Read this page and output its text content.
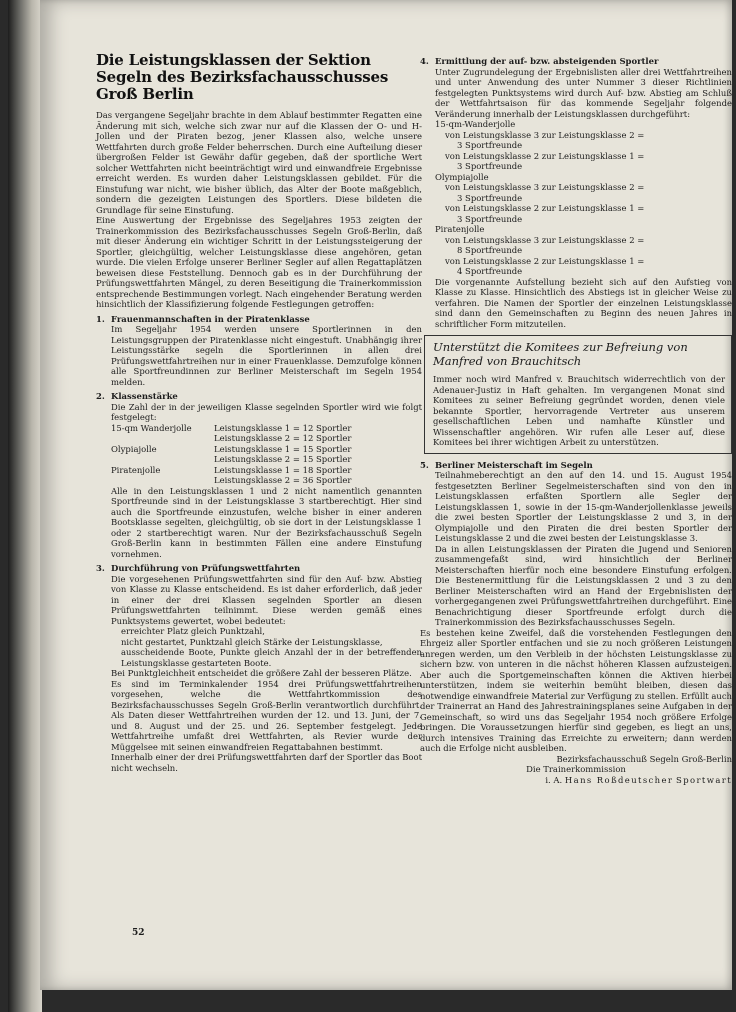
Die Leistungsklassen der Sektion Segeln des Bezirksfachausschusses Groß Berlin

Das vergangene Segeljahr brachte in dem Ablauf bestimmter Regatten eine Änderung mit sich, welche sich zwar nur auf die Klassen der O- und H-Jollen und der Piraten bezog, jener Klassen also, welche unsere Wettfahrten durch große Felder beherrschen. Durch eine Aufteilung dieser übergroßen Felder ist Gewähr dafür gegeben, daß der sportliche Wert solcher Wettfahrten nicht beeinträchtigt wird und einwandfreie Ergebnisse erreicht werden. Es wurden daher Leistungsklassen gebildet. Für die Einstufung war nicht, wie bisher üblich, das Alter der Boote maßgeblich, sondern die gezeigten Leistungen des Sportlers. Diese bildeten die Grundlage für seine Einstufung.

Eine Auswertung der Ergebnisse des Segeljahres 1953 zeigten der Trainerkommission des Bezirksfachausschusses Segeln Groß-Berlin, daß mit dieser Änderung ein wichtiger Schritt in der Leistungssteigerung der Sportler, gleichgültig, welcher Leistungsklasse diese angehören, getan wurde. Die vielen Erfolge unserer Berliner Segler auf allen Regattaplätzen beweisen diese Feststellung. Dennoch gab es in der Durchführung der Prüfungswettfahrten Mängel, zu deren Beseitigung die Trainerkommission entsprechende Bestimmungen vorlegt. Nach eingehender Beratung werden hinsichtlich der Klassifizierung folgende Festlegungen getroffen:

1. Frauenmannschaften in der Piratenklasse

Im Segeljahr 1954 werden unsere Sportlerinnen in den Leistungsgruppen der Piratenklasse nicht eingestuft. Unabhängig ihrer Leistungsstärke segeln die Sportlerinnen in allen drei Prüfungswettfahrtreihen nur in einer Frauenklasse. Demzufolge können alle Sportfreundinnen zur Berliner Meisterschaft im Segeln 1954 melden.

2. Klassenstärke

Die Zahl der in der jeweiligen Klasse segelnden Sportler wird wie folgt festgelegt:

15-qm Wanderjolle	Leistungsklasse 1 = 12 Sportler
Leistungsklasse 2 = 12 Sportler
Olypiajolle	Leistungsklasse 1 = 15 Sportler
Leistungsklasse 2 = 15 Sportler
Piratenjolle	Leistungsklasse 1 = 18 Sportler
Leistungsklasse 2 = 36 Sportler

Alle in den Leistungsklassen 1 und 2 nicht namentlich genannten Sportfreunde sind in der Leistungsklasse 3 startberechtigt. Hier sind auch die Sportfreunde einzustufen, welche bisher in einer anderen Bootsklasse segelten, gleichgültig, ob sie dort in der Leistungsklasse 1 oder 2 startberechtigt waren. Nur der Bezirksfachausschuß Segeln Groß-Berlin kann in bestimmten Fällen eine andere Einstufung vornehmen.

3. Durchführung von Prüfungswettfahrten

Die vorgesehenen Prüfungswettfahrten sind für den Auf- bzw. Abstieg von Klasse zu Klasse entscheidend. Es ist daher erforderlich, daß jeder in einer der drei Klassen segelnden Sportler an diesen Prüfungswettfahrten teilnimmt. Diese werden gemäß eines Punktsystems gewertet, wobei bedeutet:

erreichter Platz gleich Punktzahl,

nicht gestartet, Punktzahl gleich Stärke der Leistungsklasse,

ausscheidende Boote, Punkte gleich Anzahl der in der betreffenden Leistungsklasse gestarteten Boote.

Bei Punktgleichheit entscheidet die größere Zahl der besseren Plätze.

Es sind im Terminkalender 1954 drei Prüfungswettfahrtreihen vorgesehen, welche die Wettfahrtkommission des Bezirksfachausschusses Segeln Groß-Berlin verantwortlich durchführt. Als Daten dieser Wettfahrtreihen wurden der 12. und 13. Juni, der 7. und 8. August und der 25. und 26. September festgelegt. Jede Wettfahrtreihe umfaßt drei Wettfahrten, als Revier wurde der Müggelsee mit seinen einwandfreien Regattabahnen bestimmt.

Innerhalb einer der drei Prüfungswettfahrten darf der Sportler das Boot nicht wechseln.

52
4. Ermittlung der auf- bzw. absteigenden Sportler

Unter Zugrundelegung der Ergebnislisten aller drei Wettfahrtreihen und unter Anwendung des unter Nummer 3 dieser Richtlinien festgelegten Punktsystems wird durch Auf- bzw. Abstieg am Schluß der Wettfahrtsaison für das kommende Segeljahr folgende Veränderung innerhalb der Leistungsklassen durchgeführt:

15-qm-Wanderjolle
von Leistungsklasse 3 zur Leistungsklasse 2 =
3 Sportfreunde
von Leistungsklasse 2 zur Leistungsklasse 1 =
3 Sportfreunde
Olympiajolle
von Leistungsklasse 3 zur Leistungsklasse 2 =
3 Sportfreunde
von Leistungsklasse 2 zur Leistungsklasse 1 =
3 Sportfreunde
Piratenjolle
von Leistungsklasse 3 zur Leistungsklasse 2 =
8 Sportfreunde
von Leistungsklasse 2 zur Leistungsklasse 1 =
4 Sportfreunde

Die vorgenannte Aufstellung bezieht sich auf den Aufstieg von Klasse zu Klasse. Hinsichtlich des Abstiegs ist in gleicher Weise zu verfahren. Die Namen der Sportler der einzelnen Leistungsklasse sind dann den Gemeinschaften zu Beginn des neuen Jahres in schriftlicher Form mitzuteilen.

Unterstützt die Komitees zur Befreiung von Manfred von Brauchitsch

Immer noch wird Manfred v. Brauchitsch widerrechtlich von der Adenauer-Justiz in Haft gehalten. Im vergangenen Monat sind Komitees zu seiner Befreiung gegründet worden, denen viele bekannte Sportler, hervorragende Vertreter aus unserem gesellschaftlichen Leben und namhafte Künstler und Wissenschaftler angehören. Wir rufen alle Leser auf, diese Komitees bei ihrer wichtigen Arbeit zu unterstützen.

5. Berliner Meisterschaft im Segeln

Teilnahmeberechtigt an den auf den 14. und 15. August 1954 festgesetzten Berliner Segelmeisterschaften sind von den in Leistungsklassen erfaßten Sportlern alle Segler der Leistungsklassen 1, sowie in der 15-qm-Wanderjollenklasse jeweils die zwei besten Sportler der Leistungsklasse 2 und 3, in der Olympiajolle und den Piraten die drei besten Sportler der Leistungsklasse 2 und die zwei besten der Leistungsklasse 3.

Da in allen Leistungsklassen der Piraten die Jugend und Senioren zusammengefaßt sind, wird hinsichtlich der Berliner Meisterschaften hierfür noch eine besondere Einstufung erfolgen. Die Bestenermittlung für die Leistungsklassen 2 und 3 zu den Berliner Meisterschaften wird an Hand der Ergebnislisten der vorhergegangenen zwei Prüfungswettfahrtreihen durchgeführt. Eine Benachrichtigung dieser Sportfreunde erfolgt durch die Trainerkommission des Bezirksfachausschusses Segeln.

Es bestehen keine Zweifel, daß die vorstehenden Festlegungen den Ehrgeiz aller Sportler entfachen und sie zu noch größeren Leistungen anregen werden, um den Verbleib in der höchsten Leistungsklasse zu sichern bzw. von unteren in die nächst höheren Klassen aufzusteigen. Aber auch die Sportgemeinschaften können die Aktiven hierbei unterstützen, indem sie weiterhin bemüht bleiben, diesen das notwendige einwandfreie Material zur Verfügung zu stellen. Erfüllt auch der Trainerrat an Hand des Jahrestrainingsplanes seine Aufgaben in der Gemeinschaft, so wird uns das Segeljahr 1954 noch größere Erfolge bringen. Die Voraussetzungen hierfür sind gegeben, es liegt an uns, durch intensives Training das Erreichte zu erweitern; dann werden auch die Erfolge nicht ausbleiben.

Bezirksfachausschuß Segeln Groß-Berlin
Die Trainerkommission
i. A. Hans Roßdeutscher Sportwart
